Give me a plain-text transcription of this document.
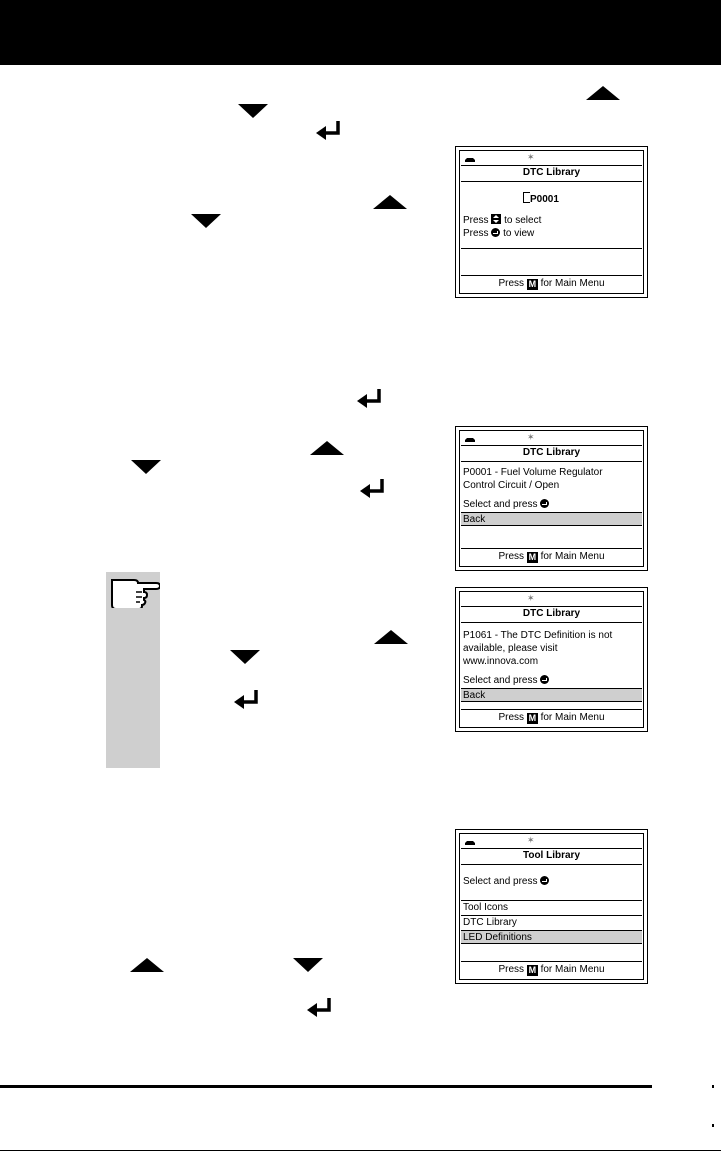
✶
DTC Library
P0001
Press to select
Press to view
Press M for Main Menu
✶
DTC Library
P0001 - Fuel Volume Regulator
Control Circuit / Open
Select and press
Back
Press M for Main Menu
✶
DTC Library
P1061 - The DTC Definition is not
available, please visit
www.innova.com
Select and press
Back
Press M for Main Menu
✶
Tool Library
Select and press
Tool Icons
DTC Library
LED Definitions
Press M for Main Menu
